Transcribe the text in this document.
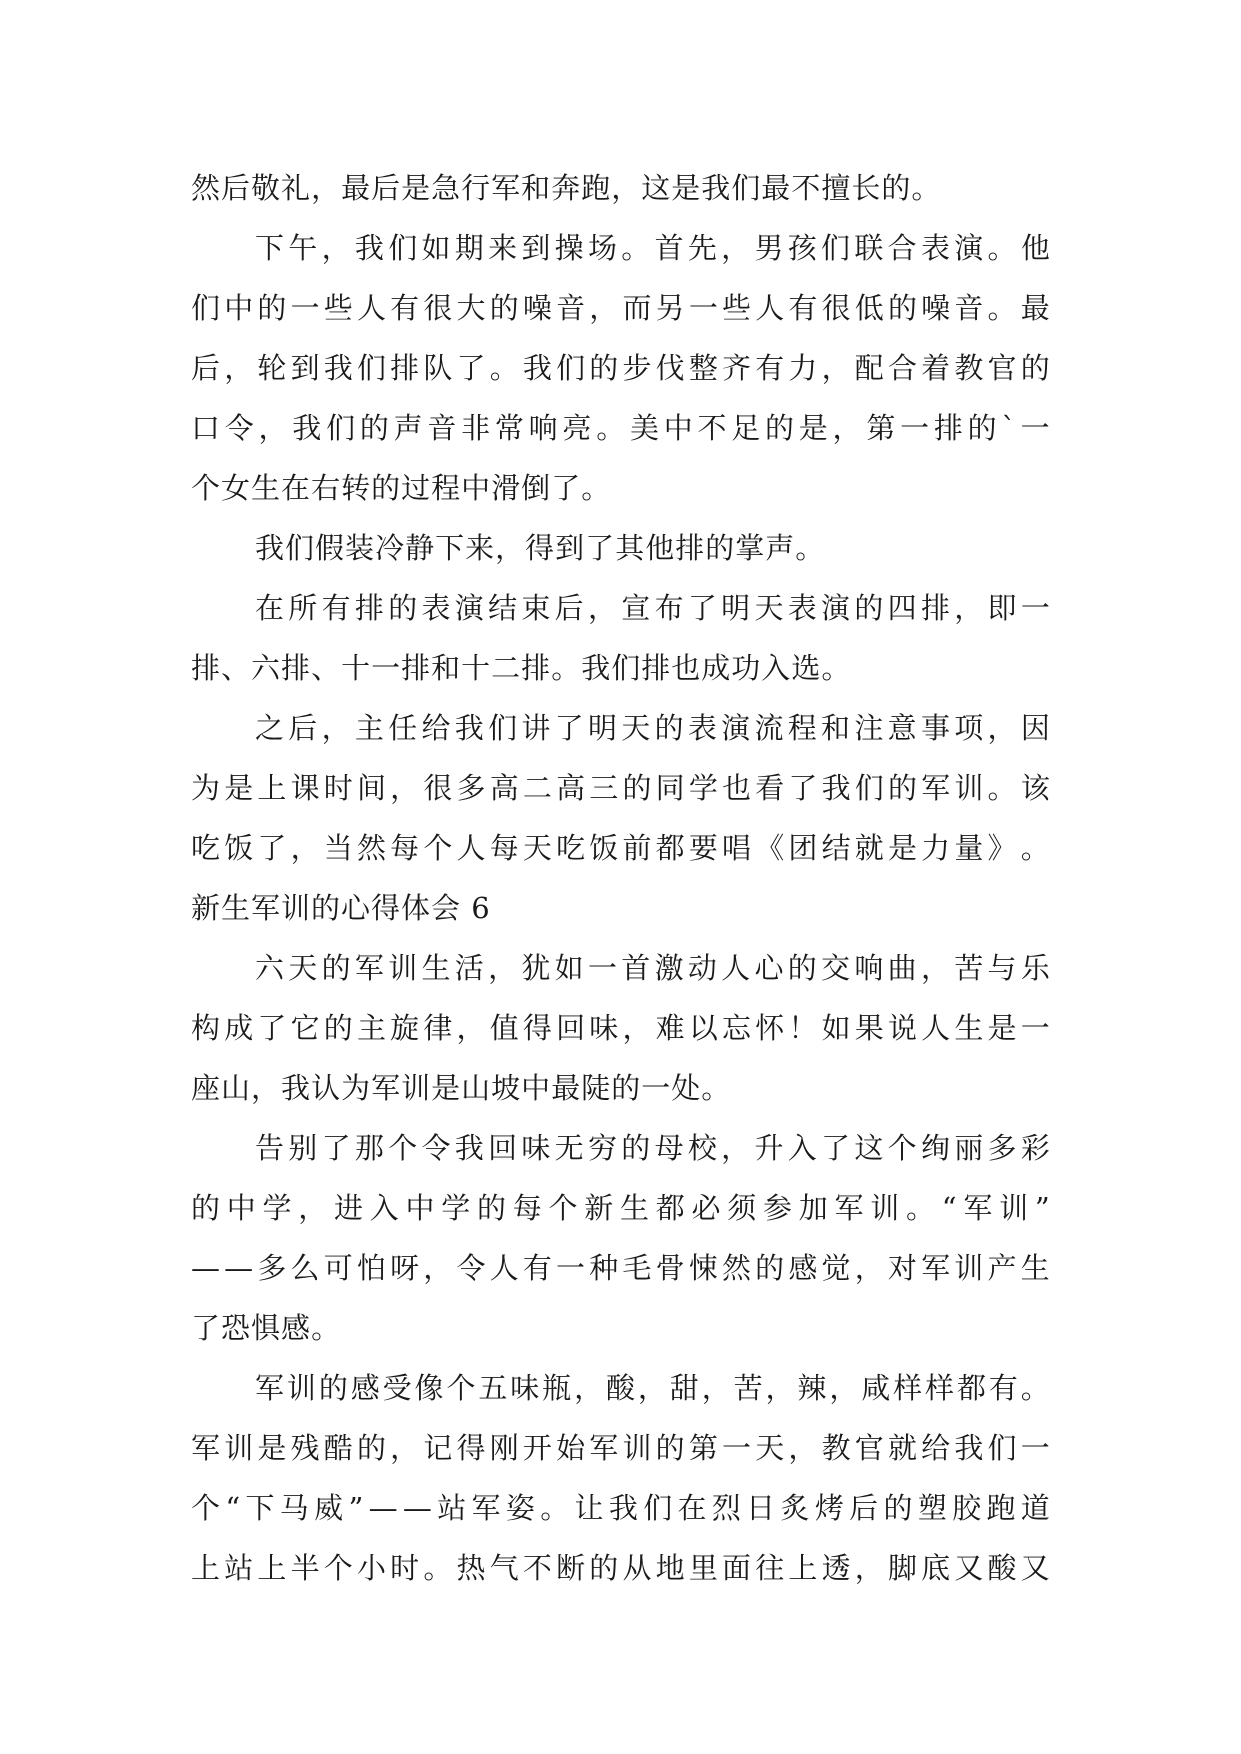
然 后 敬 礼 ， 最 后 是 急 行 军 和 奔 跑 ， 这 是 我 们 最 不 擅 长 的 。
下 午 ， 我 们 如 期 来 到 操 场 。 首 先 ， 男 孩 们 联 合 表 演 。 他
们 中 的 一 些 人 有 很 大 的 噪 音 ， 而 另 一 些 人 有 很 低 的 噪 音 。 最
后 ， 轮 到 我 们 排 队 了 。 我 们 的 步 伐 整 齐 有 力 ， 配 合 着 教 官 的
口 令 ， 我 们 的 声 音 非 常 响 亮 。 美 中 不 足 的 是 ， 第 一 排 的 ` 一
个 女 生 在 右 转 的 过 程 中 滑 倒 了 。
我 们 假 装 冷 静 下 来 ， 得 到 了 其 他 排 的 掌 声 。
在 所 有 排 的 表 演 结 束 后 ， 宣 布 了 明 天 表 演 的 四 排 ， 即 一
排 、 六 排 、 十 一 排 和 十 二 排 。 我 们 排 也 成 功 入 选 。
之 后 ， 主 任 给 我 们 讲 了 明 天 的 表 演 流 程 和 注 意 事 项 ， 因
为 是 上 课 时 间 ， 很 多 高 二 高 三 的 同 学 也 看 了 我 们 的 军 训 。 该
吃 饭 了 ， 当 然 每 个 人 每 天 吃 饭 前 都 要 唱 《 团 结 就 是 力 量 》 。
新生军训的心得体会 6
六 天 的 军 训 生 活 ， 犹 如 一 首 激 动 人 心 的 交 响 曲 ， 苦 与 乐
构 成 了 它 的 主 旋 律 ， 值 得 回 味 ， 难 以 忘 怀 ！ 如 果 说 人 生 是 一
座 山 ， 我 认 为 军 训 是 山 坡 中 最 陡 的 一 处 。
告 别 了 那 个 令 我 回 味 无 穷 的 母 校 ， 升 入 了 这 个 绚 丽 多 彩
的 中 学 ， 进 入 中 学 的 每 个 新 生 都 必 须 参 加 军 训 。 “ 军 训 ”
— — 多 么 可 怕 呀 ， 令 人 有 一 种 毛 骨 悚 然 的 感 觉 ， 对 军 训 产 生
了 恐 惧 感 。
军 训 的 感 受 像 个 五 味 瓶 ， 酸 ， 甜 ， 苦 ， 辣 ， 咸 样 样 都 有 。
军 训 是 残 酷 的 ， 记 得 刚 开 始 军 训 的 第 一 天 ， 教 官 就 给 我 们 一
个 “ 下 马 威 ” — — 站 军 姿 。 让 我 们 在 烈 日 炙 烤 后 的 塑 胶 跑 道
上 站 上 半 个 小 时 。 热 气 不 断 的 从 地 里 面 往 上 透 ， 脚 底 又 酸 又
